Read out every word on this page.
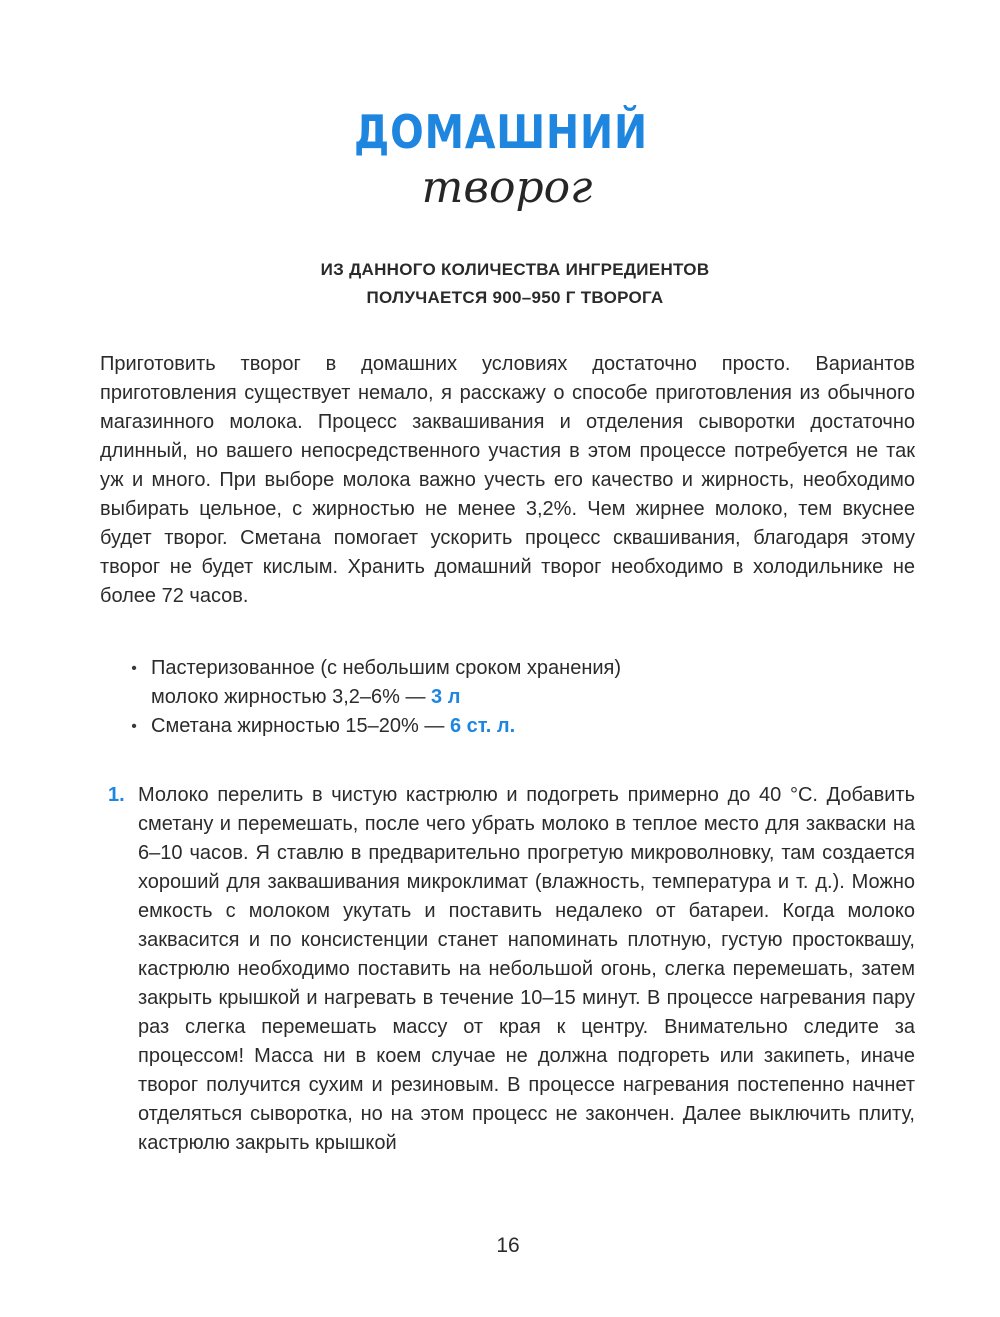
ДОМАШНИЙ
творог
ИЗ ДАННОГО КОЛИЧЕСТВА ИНГРЕДИЕНТОВ
ПОЛУЧАЕТСЯ 900–950 Г ТВОРОГА

Приготовить творог в домашних условиях достаточно просто. Вариантов приготовления существует немало, я расскажу о способе приготовления из обычного магазинного молока. Процесс заквашивания и отделения сыворотки достаточно длинный, но вашего непосредственного участия в этом процессе потребуется не так уж и много. При выборе молока важно учесть его качество и жирность, необходимо выбирать цельное, с жирностью не менее 3,2%. Чем жирнее молоко, тем вкуснее будет творог. Сметана помогает ускорить процесс сквашивания, благодаря этому творог не будет кислым. Хранить домашний творог необходимо в холодильнике не более 72 часов.

• Пастеризованное (с небольшим сроком хранения)
молоко жирностью 3,2–6% — 3 л
• Сметана жирностью 15–20% — 6 ст. л.
1. Молоко перелить в чистую кастрюлю и подогреть примерно до 40 °С. Добавить сметану и перемешать, после чего убрать молоко в теплое место для закваски на 6–10 часов. Я ставлю в предварительно прогретую микроволновку, там создается хороший для заквашивания микроклимат (влажность, температура и т. д.). Можно емкость с молоком укутать и поставить недалеко от батареи. Когда молоко заквасится и по консистенции станет напоминать плотную, густую простоквашу, кастрюлю необходимо поставить на небольшой огонь, слегка перемешать, затем закрыть крышкой и нагревать в течение 10–15 минут. В процессе нагревания пару раз слегка перемешать массу от края к центру. Внимательно следите за процессом! Масса ни в коем случае не должна подгореть или закипеть, иначе творог получится сухим и резиновым. В процессе нагревания постепенно начнет отделяться сыворотка, но на этом процесс не закончен. Далее выключить плиту, кастрюлю закрыть крышкой
16
